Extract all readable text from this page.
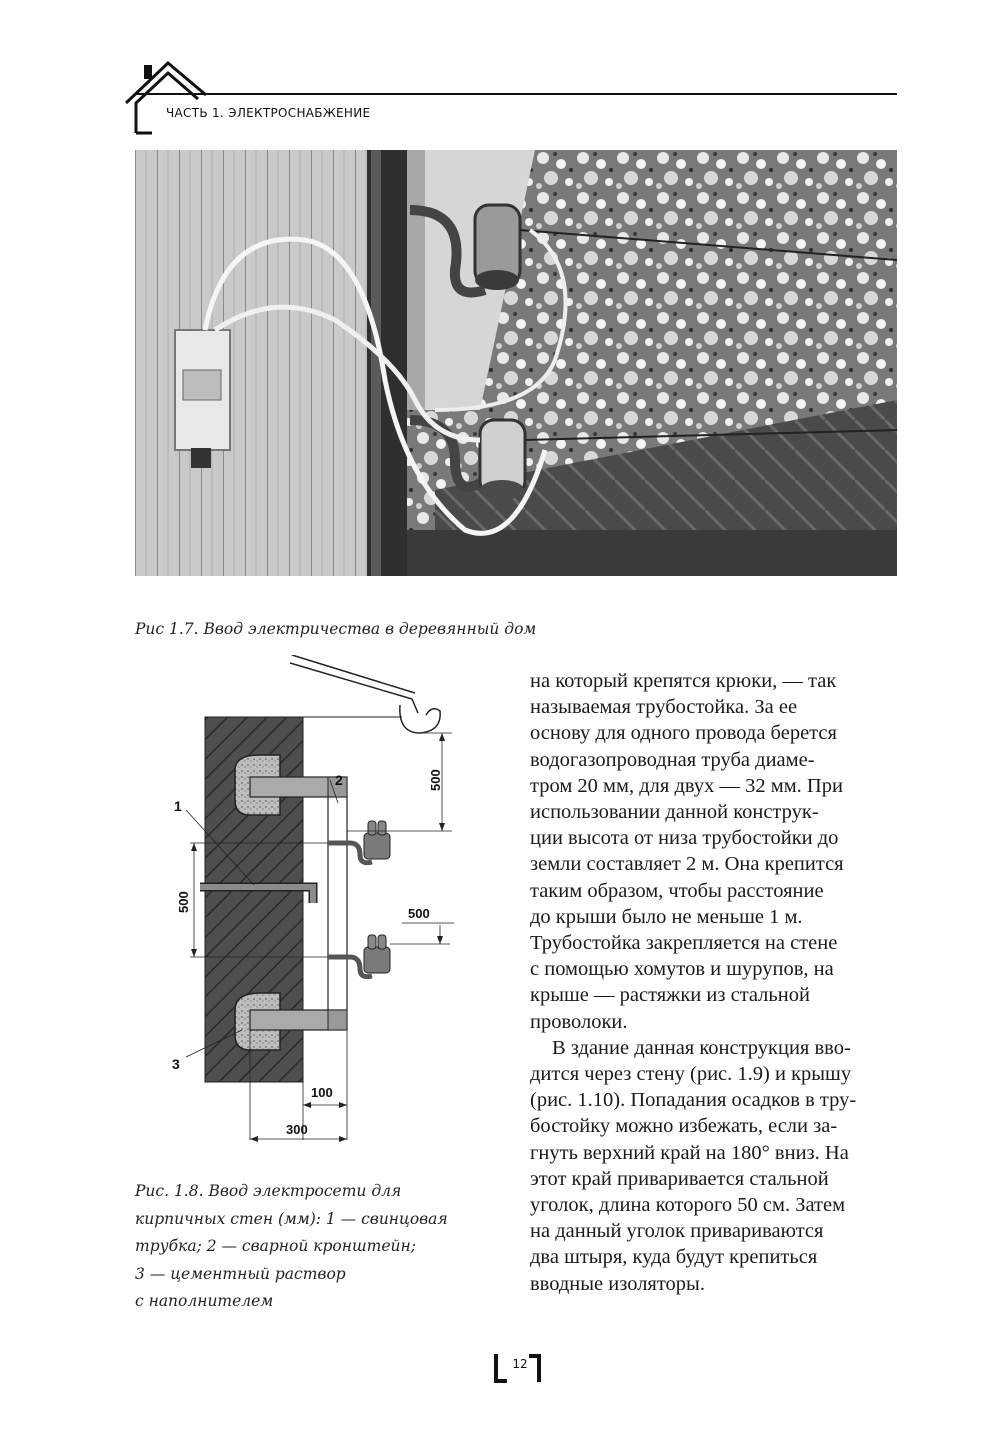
ЧАСТЬ 1. ЭЛЕКТРОСНАБЖЕНИЕ
Рис 1.7. Ввод электричества в деревянный дом
1
2
3
500
500
500
100
300
Рис. 1.8. Ввод электросети для
кирпичных стен (мм): 1 — свинцовая
трубка; 2 — сварной кронштейн;
3 — цементный раствор
с наполнителем

на который крепятся крюки, — так
называемая трубостойка. За ее
основу для одного провода берется
водогазопроводная труба диаме-
тром 20 мм, для двух — 32 мм. При
использовании данной конструк-
ции высота от низа трубостойки до
земли составляет 2 м. Она крепится
таким образом, чтобы расстояние
до крыши было не меньше 1 м.
Трубостойка закрепляется на стене
с помощью хомутов и шурупов, на
крыше — растяжки из стальной
проволоки.

В здание данная конструкция вво-
дится через стену (рис. 1.9) и крышу
(рис. 1.10). Попадания осадков в тру-
бостойку можно избежать, если за-
гнуть верхний край на 180° вниз. На
этот край приваривается стальной
уголок, длина которого 50 см. Затем
на данный уголок привариваются
два штыря, куда будут крепиться
вводные изоляторы.

12
